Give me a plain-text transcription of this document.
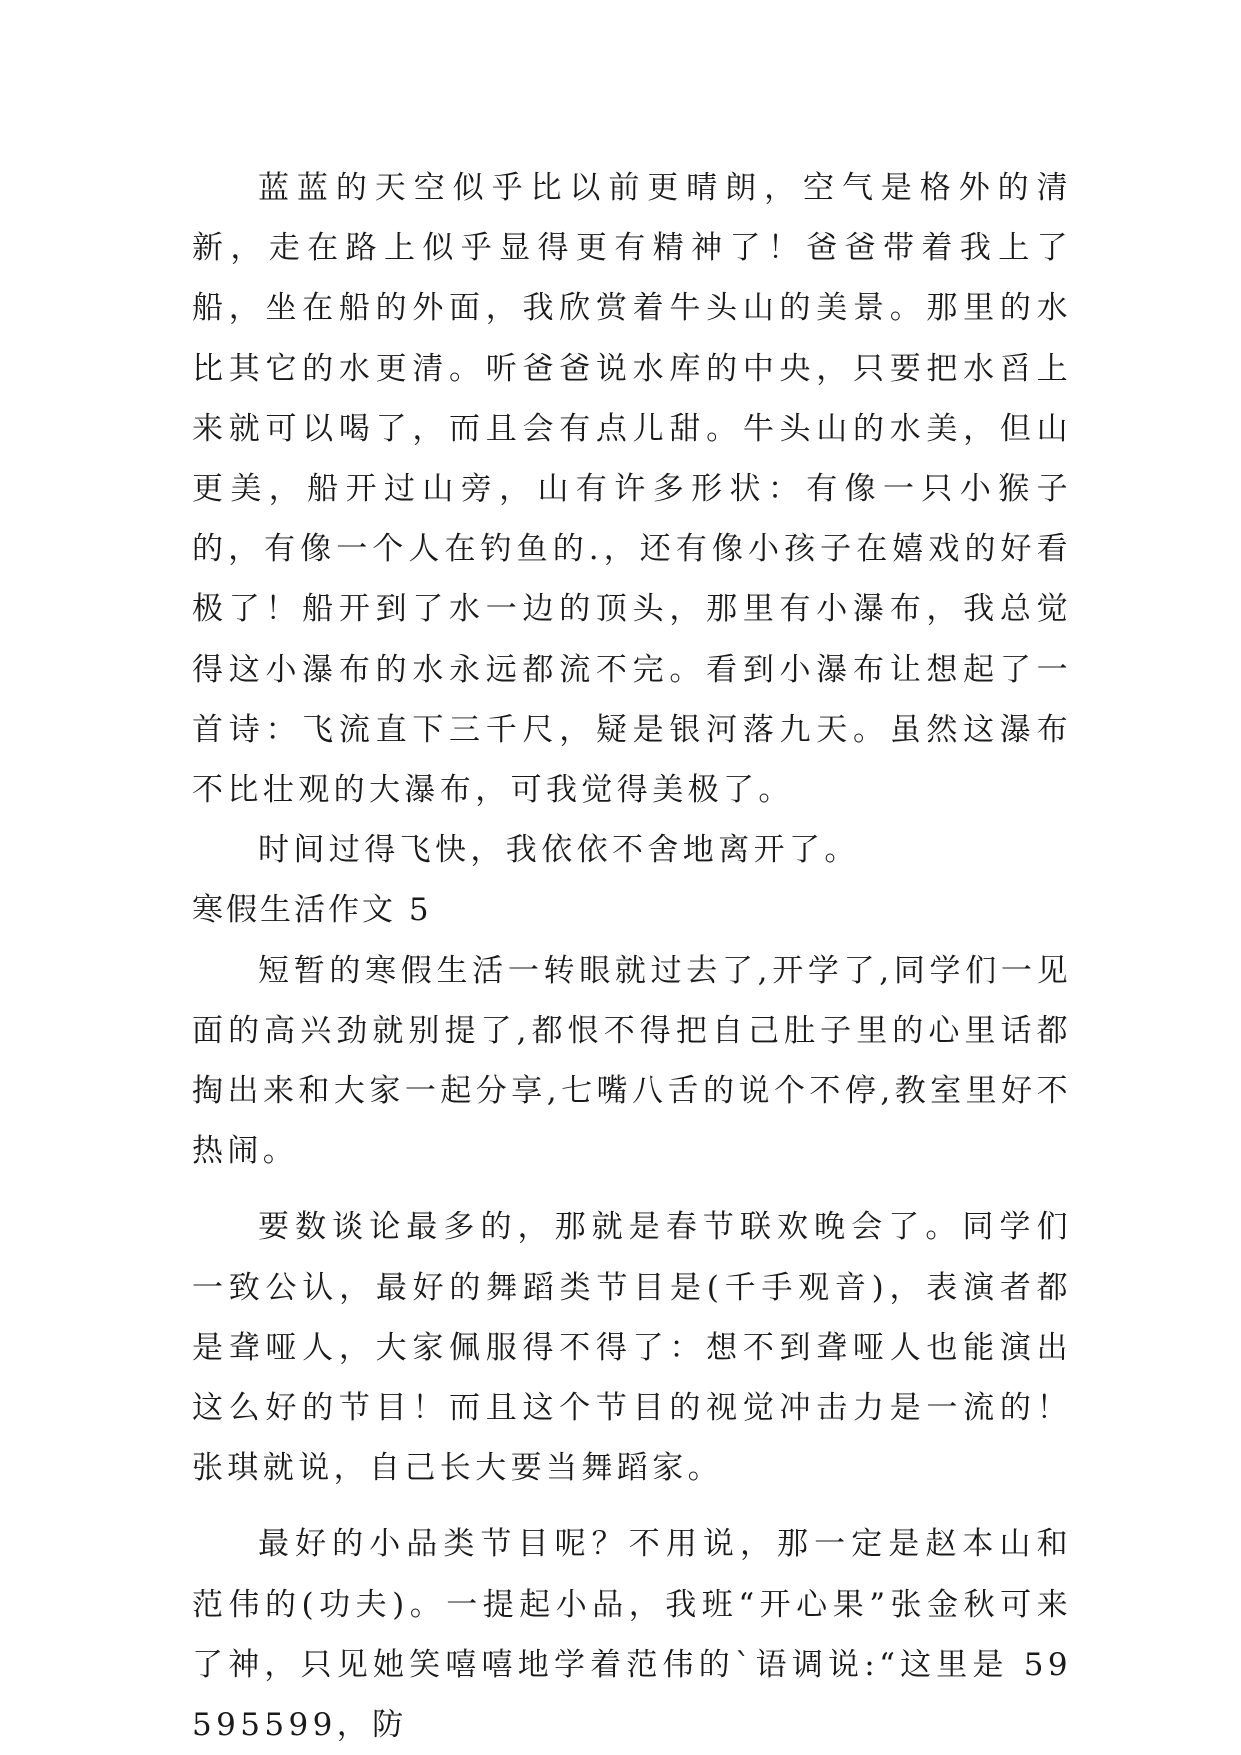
蓝蓝的天空似乎比以前更晴朗，空气是格外的清新，走在路上似乎显得更有精神了！爸爸带着我上了船，坐在船的外面，我欣赏着牛头山的美景。那里的水比其它的水更清。听爸爸说水库的中央，只要把水舀上来就可以喝了，而且会有点儿甜。牛头山的水美，但山更美，船开过山旁，山有许多形状：有像一只小猴子的，有像一个人在钓鱼的.，还有像小孩子在嬉戏的好看极了！船开到了水一边的顶头，那里有小瀑布，我总觉得这小瀑布的水永远都流不完。看到小瀑布让想起了一首诗：飞流直下三千尺，疑是银河落九天。虽然这瀑布不比壮观的大瀑布，可我觉得美极了。

时间过得飞快，我依依不舍地离开了。

寒假生活作文 5

短暂的寒假生活一转眼就过去了,开学了,同学们一见面的高兴劲就别提了,都恨不得把自己肚子里的心里话都掏出来和大家一起分享,七嘴八舌的说个不停,教室里好不热闹。

要数谈论最多的，那就是春节联欢晚会了。同学们一致公认，最好的舞蹈类节目是(千手观音)，表演者都是聋哑人，大家佩服得不得了：想不到聋哑人也能演出这么好的节目！而且这个节目的视觉冲击力是一流的！张琪就说，自己长大要当舞蹈家。

最好的小品类节目呢？不用说，那一定是赵本山和范伟的(功夫)。一提起小品，我班“开心果”张金秋可来了神，只见她笑嘻嘻地学着范伟的`语调说:“这里是 59595599，防
